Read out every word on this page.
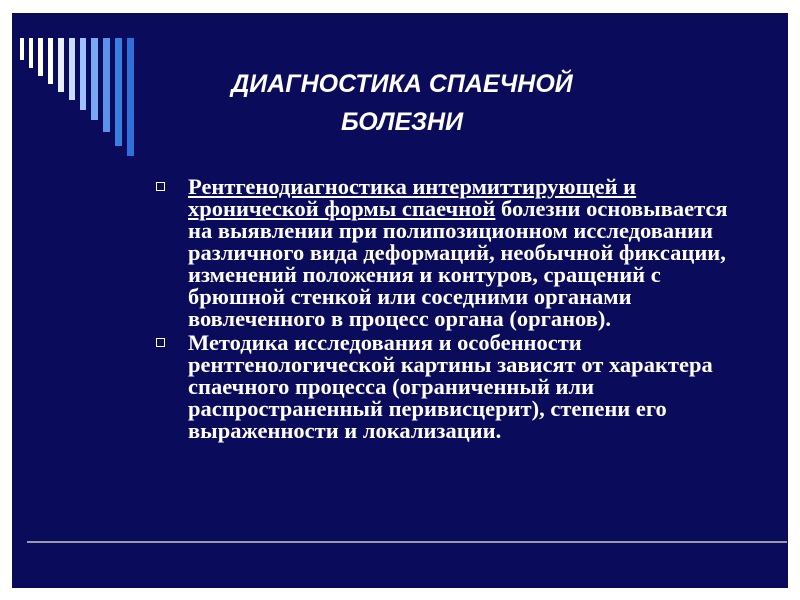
ДИАГНОСТИКА СПАЕЧНОЙ
БОЛЕЗНИ
Рентгенодиагностика интермиттирующей и хронической формы спаечной болезни основывается на выявлении при полипозиционном исследовании различного вида деформаций, необычной фиксации, изменений положения и контуров, сращений с брюшной стенкой или соседними органами вовлеченного в процесс органа (органов).
Методика исследования и особенности рентгенологической картины зависят от характера спаечного процесса (ограниченный или распространенный перивисцерит), степени его выраженности и локализации.
